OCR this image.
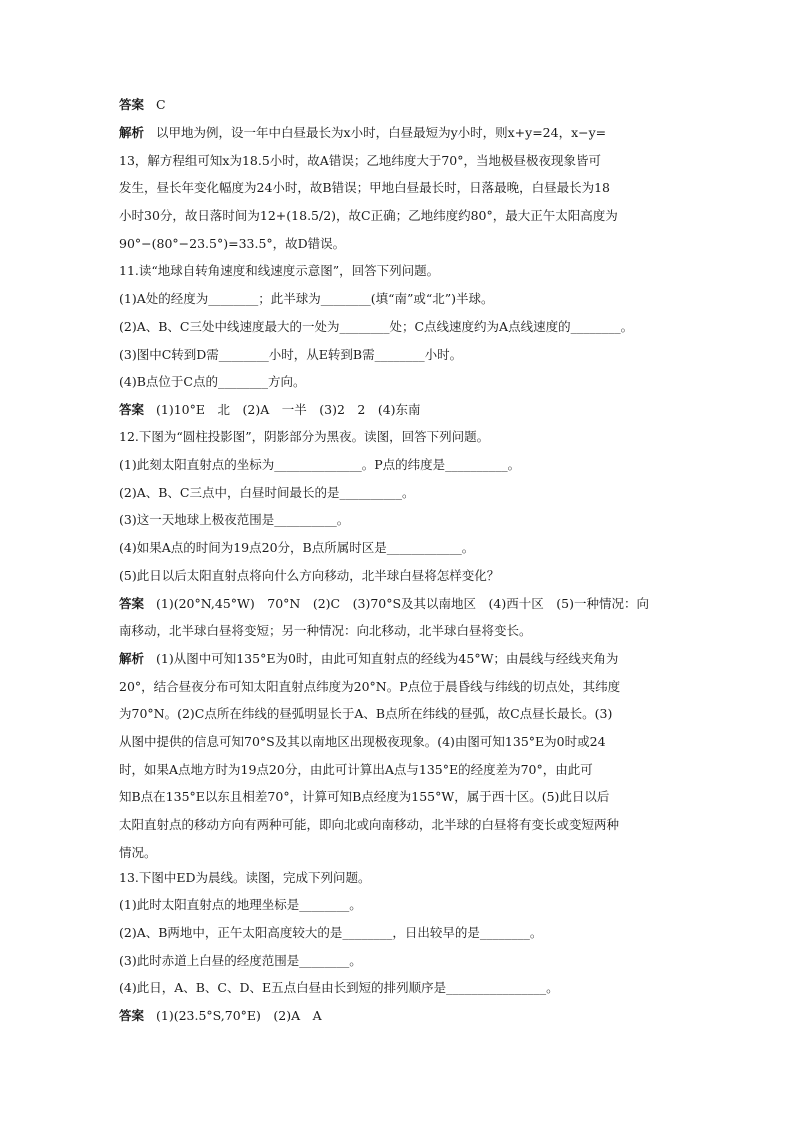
答案 C
解析 以甲地为例，设一年中白昼最长为x小时，白昼最短为y小时，则x+y=24，x−y=
13，解方程组可知x为18.5小时，故A错误；乙地纬度大于70°，当地极昼极夜现象皆可
发生，昼长年变化幅度为24小时，故B错误；甲地白昼最长时，日落最晚，白昼最长为18
小时30分，故日落时间为12+(18.5/2)，故C正确；乙地纬度约80°，最大正午太阳高度为
90°−(80°−23.5°)=33.5°，故D错误。
11.读“地球自转角速度和线速度示意图”，回答下列问题。
(1)A处的经度为________；此半球为________(填“南”或“北”)半球。
(2)A、B、C三处中线速度最大的一处为________处；C点线速度约为A点线速度的________。
(3)图中C转到D需________小时，从E转到B需________小时。
(4)B点位于C点的________方向。
答案 (1)10°E　北　(2)A　一半　(3)2　2　(4)东南
12.下图为“圆柱投影图”，阴影部分为黑夜。读图，回答下列问题。
(1)此刻太阳直射点的坐标为______________。P点的纬度是__________。
(2)A、B、C三点中，白昼时间最长的是__________。
(3)这一天地球上极夜范围是__________。
(4)如果A点的时间为19点20分，B点所属时区是____________。
(5)此日以后太阳直射点将向什么方向移动，北半球白昼将怎样变化？
答案 (1)(20°N,45°W)　70°N　(2)C　(3)70°S及其以南地区　(4)西十区　(5)一种情况：向
南移动，北半球白昼将变短；另一种情况：向北移动，北半球白昼将变长。
解析 (1)从图中可知135°E为0时，由此可知直射点的经线为45°W；由晨线与经线夹角为
20°，结合昼夜分布可知太阳直射点纬度为20°N。P点位于晨昏线与纬线的切点处，其纬度
为70°N。(2)C点所在纬线的昼弧明显长于A、B点所在纬线的昼弧，故C点昼长最长。(3)
从图中提供的信息可知70°S及其以南地区出现极夜现象。(4)由图可知135°E为0时或24
时，如果A点地方时为19点20分，由此可计算出A点与135°E的经度差为70°，由此可
知B点在135°E以东且相差70°，计算可知B点经度为155°W，属于西十区。(5)此日以后
太阳直射点的移动方向有两种可能，即向北或向南移动，北半球的白昼将有变长或变短两种
情况。
13.下图中ED为晨线。读图，完成下列问题。
(1)此时太阳直射点的地理坐标是________。
(2)A、B两地中，正午太阳高度较大的是________，日出较早的是________。
(3)此时赤道上白昼的经度范围是________。
(4)此日，A、B、C、D、E五点白昼由长到短的排列顺序是________________。
答案 (1)(23.5°S,70°E)　(2)A　A
